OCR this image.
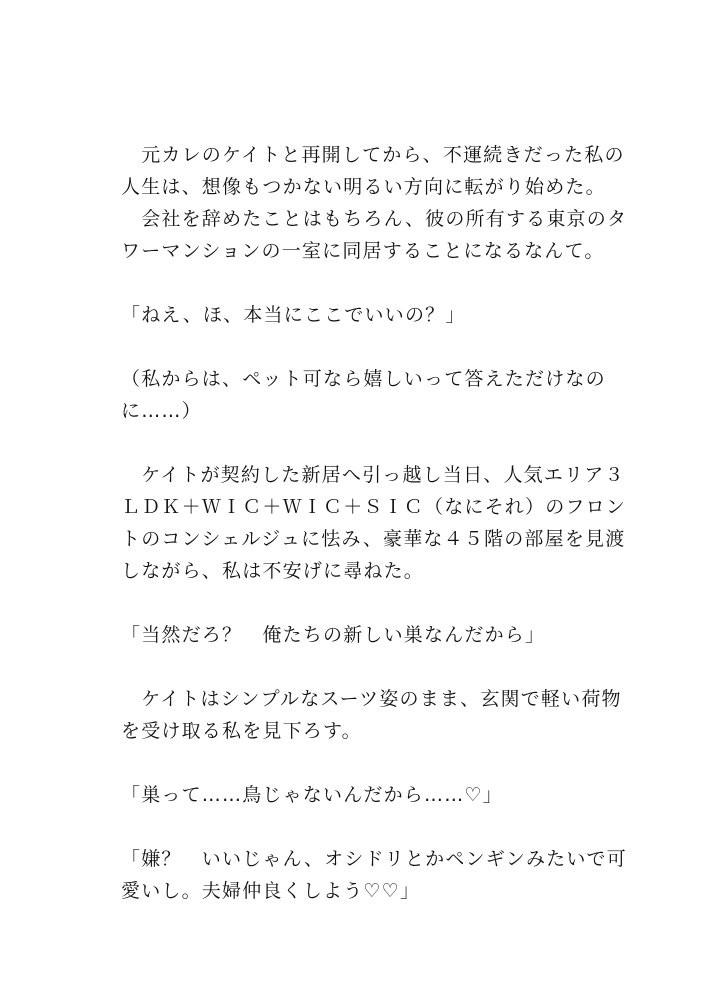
　元カレのケイトと再開してから、不運続きだった私の
人生は、想像もつかない明るい方向に転がり始めた。
　会社を辞めたことはもちろん、彼の所有する東京のタ
ワーマンションの一室に同居することになるなんて。
「ねえ、ほ、本当にここでいいの？」
（私からは、ペット可なら嬉しいって答えただけなの
に……）
　ケイトが契約した新居へ引っ越し当日、人気エリア３
ＬＤＫ＋ＷＩＣ＋ＷＩＣ＋ＳＩＣ（なにそれ）のフロン
トのコンシェルジュに怯み、豪華な４５階の部屋を見渡
しながら、私は不安げに尋ねた。
「当然だろ？　俺たちの新しい巣なんだから」
　ケイトはシンプルなスーツ姿のまま、玄関で軽い荷物
を受け取る私を見下ろす。
「巣って……鳥じゃないんだから……♡」
「嫌？　いいじゃん、オシドリとかペンギンみたいで可
愛いし。夫婦仲良くしよう♡♡」
